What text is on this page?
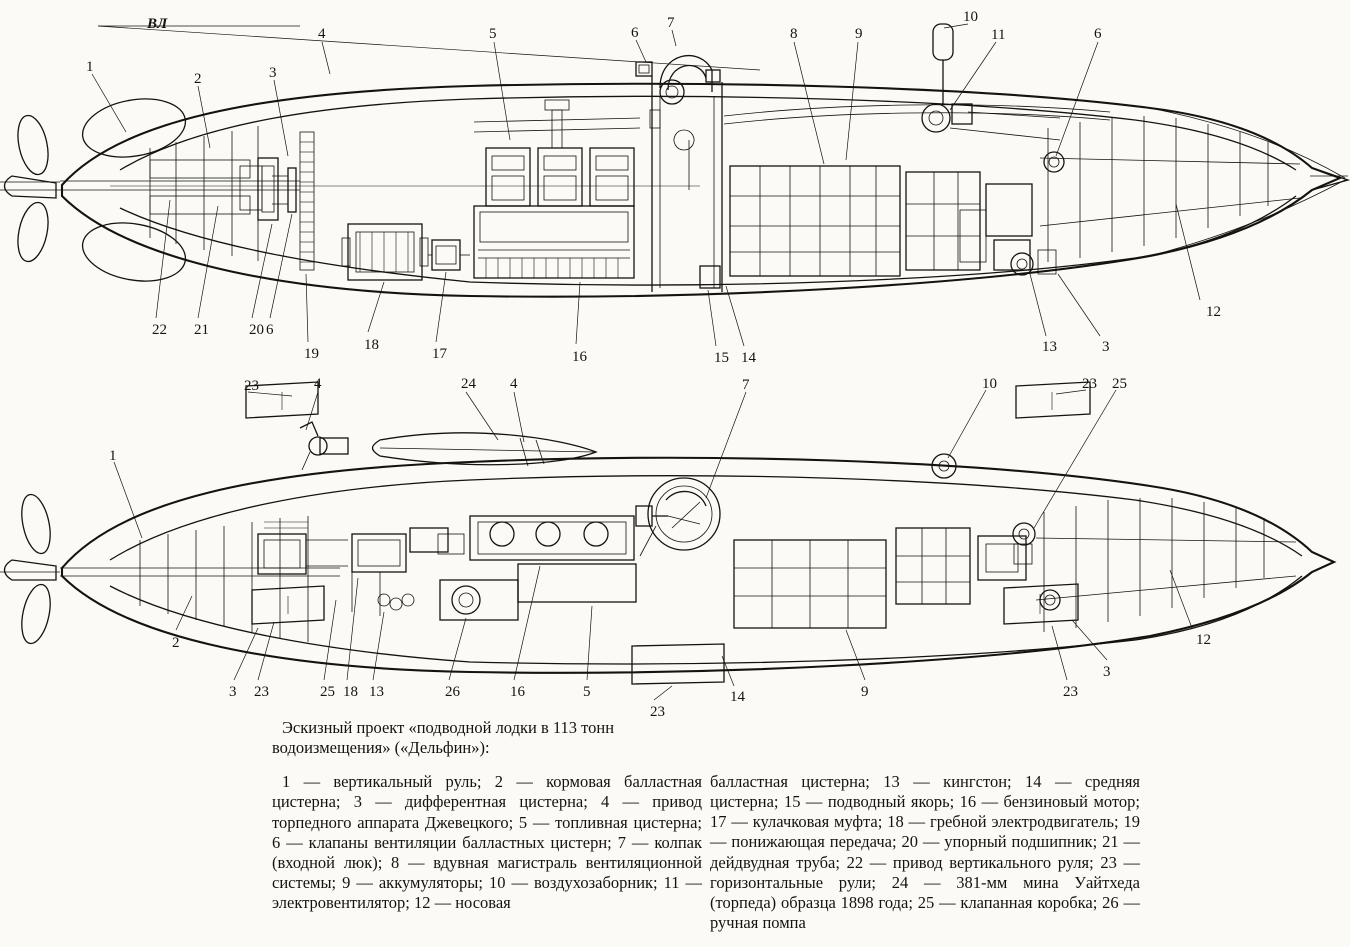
1
2	3
4	5	6
7
8	9
10
11	6
12
3
13
14
15
16
17
18
19
20 6
21
22
23	4	24 4	7	10	23 25
1
2
3 23	25 18 13	26	16	5
23
14	9
3
23
12
ВЛ

Эскизный проект «подводной лодки в 113 тонн
водоизмещения» («Дельфин»):

1 — вертикальный руль; 2 — кормовая балластная цистерна; 3 — дифферентная цистерна; 4 — привод торпедного аппарата Джевецкого; 5 — топливная цистерна; 6 — клапаны вентиляции балластных цистерн; 7 — колпак (входной люк); 8 — вдувная магистраль вентиляционной системы; 9 — аккумуляторы; 10 — воздухозаборник; 11 — электровентилятор; 12 — носовая

балластная цистерна; 13 — кингстон; 14 — средняя цистерна; 15 — подводный якорь; 16 — бензиновый мотор; 17 — кулачковая муфта; 18 — гребной электродвигатель; 19 — понижающая передача; 20 — упорный подшипник; 21 — дейдвудная труба; 22 — привод вертикального руля; 23 — горизонтальные рули; 24 — 381-мм мина Уайтхеда (торпеда) образца 1898 года; 25 — клапанная коробка; 26 — ручная помпа
